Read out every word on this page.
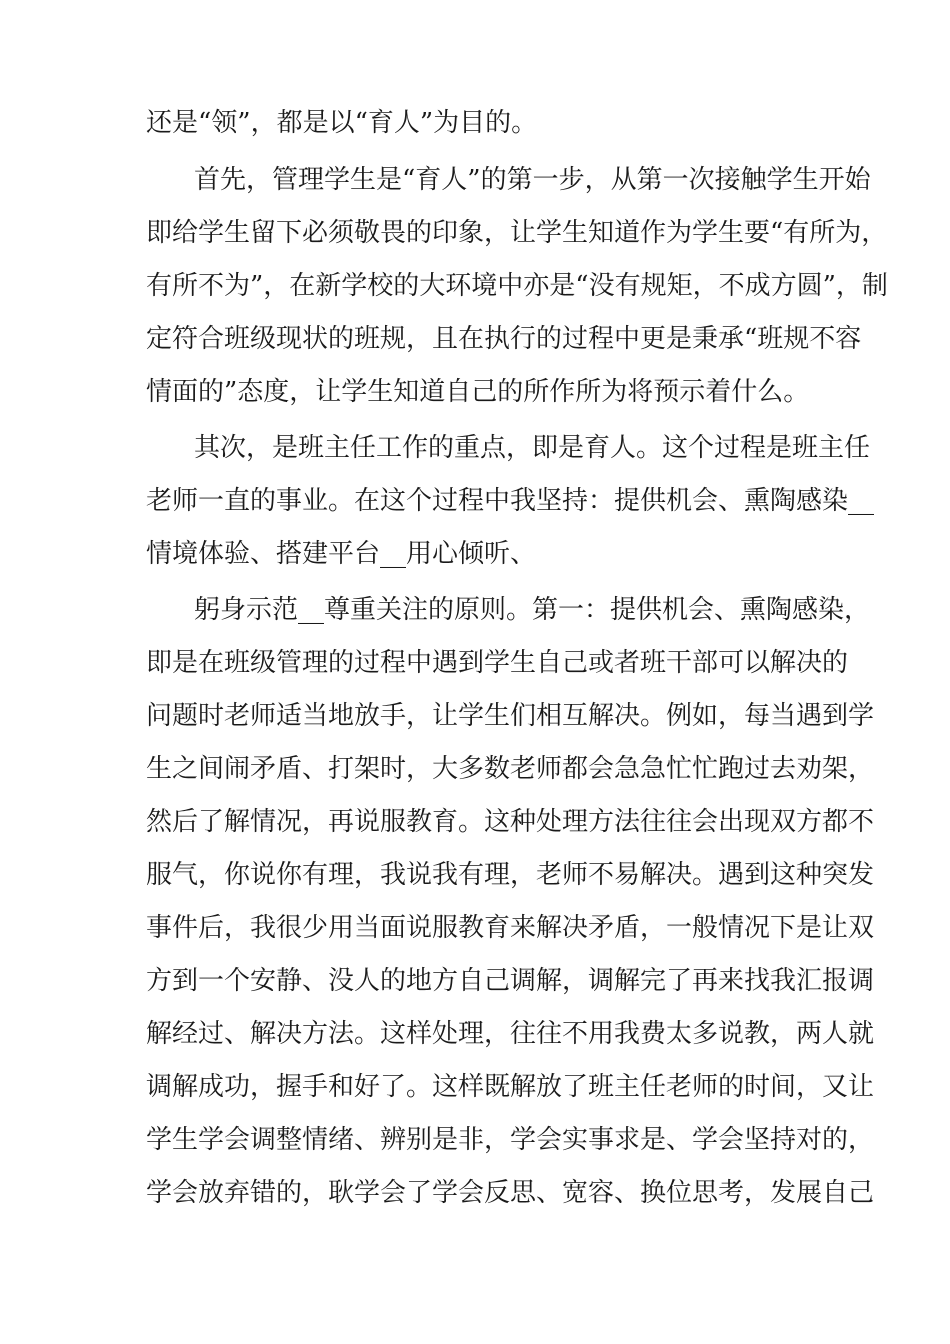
还是“领”，都是以“育人”为目的。
首先，管理学生是“育人”的第一步，从第一次接触学生开始
即给学生留下必须敬畏的印象，让学生知道作为学生要“有所为，
有所不为”，在新学校的大环境中亦是“没有规矩，不成方圆”，制
定符合班级现状的班规，且在执行的过程中更是秉承“班规不容
情面的”态度，让学生知道自己的所作所为将预示着什么。
其次，是班主任工作的重点，即是育人。这个过程是班主任
老师一直的事业。在这个过程中我坚持：提供机会、熏陶感染__
情境体验、搭建平台__用心倾听、
躬身示范__尊重关注的原则。第一：提供机会、熏陶感染，
即是在班级管理的过程中遇到学生自己或者班干部可以解决的
问题时老师适当地放手，让学生们相互解决。例如，每当遇到学
生之间闹矛盾、打架时，大多数老师都会急急忙忙跑过去劝架，
然后了解情况，再说服教育。这种处理方法往往会出现双方都不
服气，你说你有理，我说我有理，老师不易解决。遇到这种突发
事件后，我很少用当面说服教育来解决矛盾，一般情况下是让双
方到一个安静、没人的地方自己调解，调解完了再来找我汇报调
解经过、解决方法。这样处理，往往不用我费太多说教，两人就
调解成功，握手和好了。这样既解放了班主任老师的时间，又让
学生学会调整情绪、辨别是非，学会实事求是、学会坚持对的，
学会放弃错的，耿学会了学会反思、宽容、换位思考，发展自己
